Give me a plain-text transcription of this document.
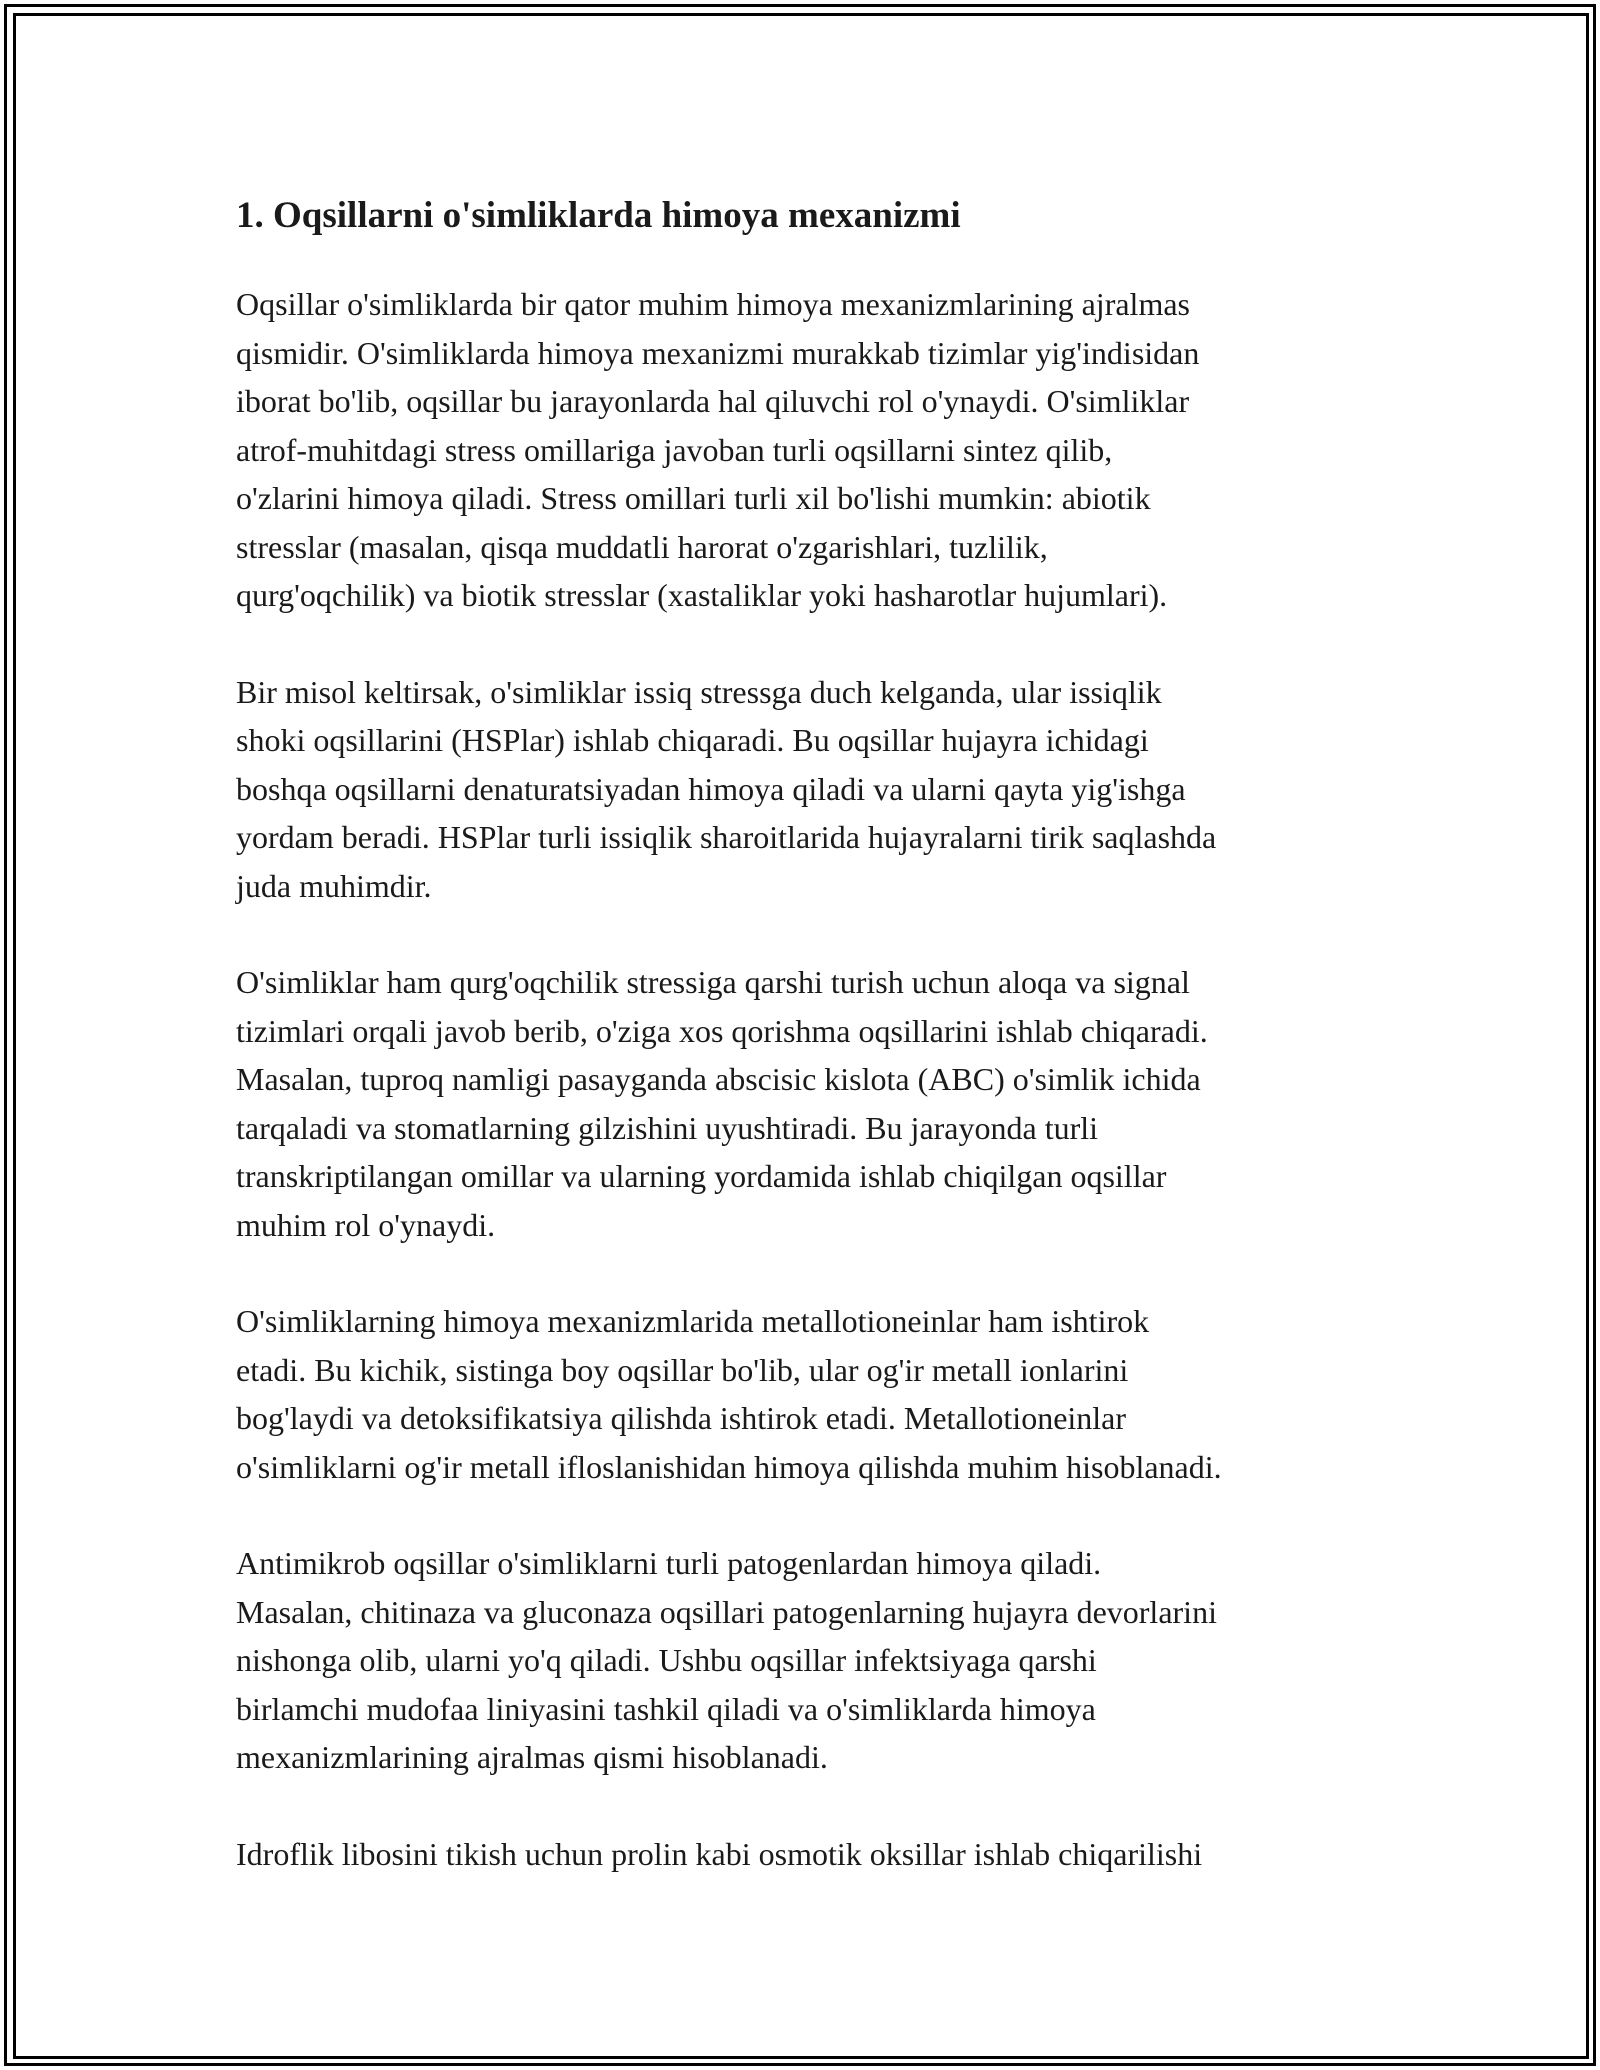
1. Oqsillarni o'simliklarda himoya mexanizmi

Oqsillar o'simliklarda bir qator muhim himoya mexanizmlarining ajralmas
qismidir. O'simliklarda himoya mexanizmi murakkab tizimlar yig'indisidan
iborat bo'lib, oqsillar bu jarayonlarda hal qiluvchi rol o'ynaydi. O'simliklar
atrof-muhitdagi stress omillariga javoban turli oqsillarni sintez qilib,
o'zlarini himoya qiladi. Stress omillari turli xil bo'lishi mumkin: abiotik
stresslar (masalan, qisqa muddatli harorat o'zgarishlari, tuzlilik,
qurg'oqchilik) va biotik stresslar (xastaliklar yoki hasharotlar hujumlari).

Bir misol keltirsak, o'simliklar issiq stressga duch kelganda, ular issiqlik
shoki oqsillarini (HSPlar) ishlab chiqaradi. Bu oqsillar hujayra ichidagi
boshqa oqsillarni denaturatsiyadan himoya qiladi va ularni qayta yig'ishga
yordam beradi. HSPlar turli issiqlik sharoitlarida hujayralarni tirik saqlashda
juda muhimdir.

O'simliklar ham qurg'oqchilik stressiga qarshi turish uchun aloqa va signal
tizimlari orqali javob berib, o'ziga xos qorishma oqsillarini ishlab chiqaradi.
Masalan, tuproq namligi pasayganda abscisic kislota (ABC) o'simlik ichida
tarqaladi va stomatlarning gilzishini uyushtiradi. Bu jarayonda turli
transkriptilangan omillar va ularning yordamida ishlab chiqilgan oqsillar
muhim rol o'ynaydi.

O'simliklarning himoya mexanizmlarida metallotioneinlar ham ishtirok
etadi. Bu kichik, sistinga boy oqsillar bo'lib, ular og'ir metall ionlarini
bog'laydi va detoksifikatsiya qilishda ishtirok etadi. Metallotioneinlar
o'simliklarni og'ir metall ifloslanishidan himoya qilishda muhim hisoblanadi.

Antimikrob oqsillar o'simliklarni turli patogenlardan himoya qiladi.
Masalan, chitinaza va gluconaza oqsillari patogenlarning hujayra devorlarini
nishonga olib, ularni yo'q qiladi. Ushbu oqsillar infektsiyaga qarshi
birlamchi mudofaa liniyasini tashkil qiladi va o'simliklarda himoya
mexanizmlarining ajralmas qismi hisoblanadi.

Idroflik libosini tikish uchun prolin kabi osmotik oksillar ishlab chiqarilishi
